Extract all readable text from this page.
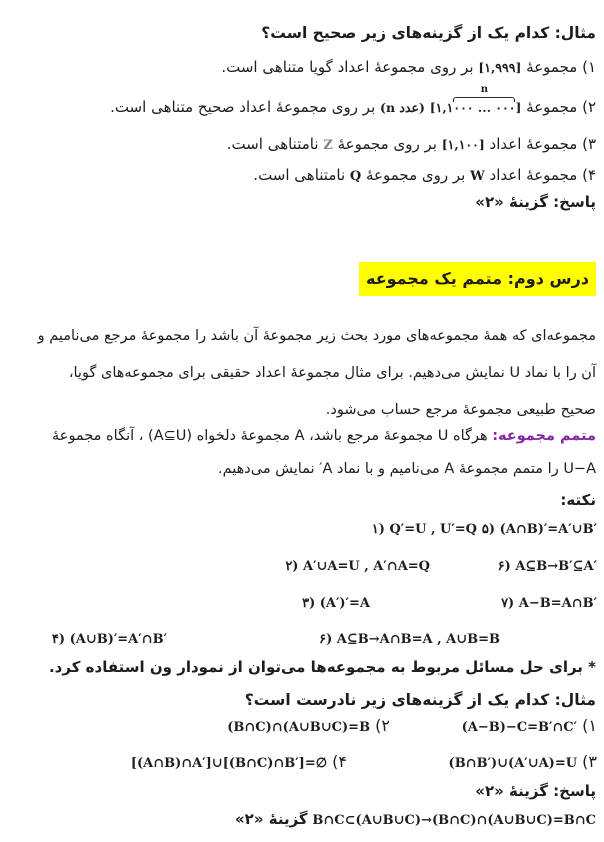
مثال: کدام یک از گزینه‌های زیر صحیح است؟
۱) مجموعهٔ [۱,۹۹۹] بر روی مجموعهٔ اعداد گویا متناهی است.
۲) مجموعهٔ [۱,۱۰۰۰ ... ۰۰۰
n
] (n عدد) بر روی مجموعهٔ اعداد صحیح متناهی است.
۳) مجموعهٔ اعداد [۱,۱۰۰] بر روی مجموعهٔ Z نامتناهی است.
۴) مجموعهٔ اعداد W بر روی مجموعهٔ Q نامتناهی است.
پاسخ: گزینهٔ «۲»
درس دوم: متمم یک مجموعه
مجموعه‌ای که همهٔ مجموعه‌های مورد بحث زیر مجموعهٔ آن باشد را مجموعهٔ مرجع می‌نامیم و
آن را با نماد U نمایش می‌دهیم. برای مثال مجموعهٔ اعداد حقیقی برای مجموعه‌های گویا،
صحیح طبیعی مجموعهٔ مرجع حساب می‌شود.
متمم مجموعه: هرگاه U مجموعهٔ مرجع باشد، A مجموعهٔ دلخواه (A⊆U) ، آنگاه مجموعهٔ
U−A را متمم مجموعهٔ A می‌نامیم و با نماد A′ نمایش می‌دهیم.
نکته:
۱) Q′=U , U′=Q ۵) (A∩B)′=A′∪B′
۲) A′∪A=U , A′∩A=Q	۶) A⊆B→B′⊆A′
۳) (A′)′=A	۷) A−B=A∩B′
۴) (A∪B)′=A′∩B′	۶) A⊆B→A∩B=A , A∪B=B
* برای حل مسائل مربوط به مجموعه‌ها می‌توان از نمودار ون استفاده کرد.
مثال: کدام یک از گزینه‌های زیر نادرست است؟
۱) (A−B)−C=B′∩C′
۲) (B∩C)∩(A∪B∪C)=B
۳) (B∩B′)∪(A′∪A)=U
۴) [(A∩B)∩A′]∪[(B∩C)∩B′]=∅
پاسخ: گزینهٔ «۲»
B∩C⊂(A∪B∪C)→(B∩C)∩(A∪B∪C)=B∩C گزینهٔ «۲»
